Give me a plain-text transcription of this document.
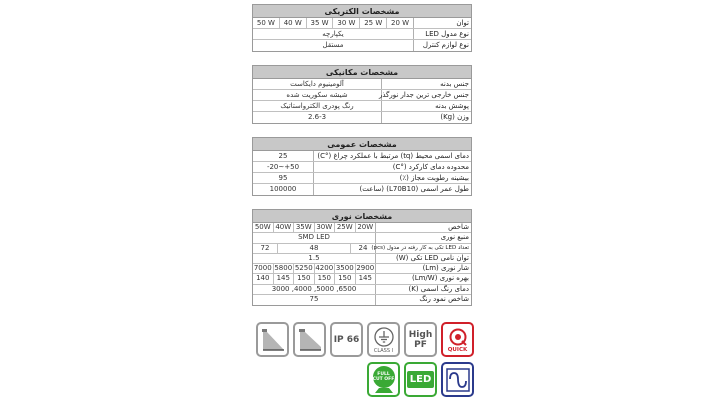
مشخصات الکتریکی
50 W	40 W	35 W	30 W	25 W	20 W	توان
یکپارچه	نوع مدول LED
مستقل	نوع لوازم کنترل
مشخصات مکانیکی
آلومینیوم دایکاست	جنس بدنه
شیشه سکوریت شده	جنس خارجی ترین جدار نورگذر
رنگ پودری الکترواستاتیک	پوشش بدنه
2.6-3	وزن (Kg)
مشخصات عمومی
25	دمای اسمی محیط (tq) مرتبط با عملکرد چراغ (°C)
-20~+50	محدوده دمای کارکرد (°C)
95	بیشینه رطوبت مجاز (٪)
100000	طول عمر اسمی (L70B10) (ساعت)
مشخصات نوری
50W 40W 35W 30W 25W 20W	شاخص
SMD LED	منبع نوری
72	48	24 تعداد LED تکی به کار رفته در مدول (pcs)
1.5	توان نامی LED تکی (W)
7000 5800 5250 4200 3500 2900	شار نوری (Lm)
140	145	150	150	150	145	بهره نوری (Lm/W)
3000 ,4000 ,5000 ,6500	دمای رنگ اسمی (K)
75	شاخص نمود رنگ
IP 66
CLASS I
High
PF	QUICK
FULL CUT OFF LED
